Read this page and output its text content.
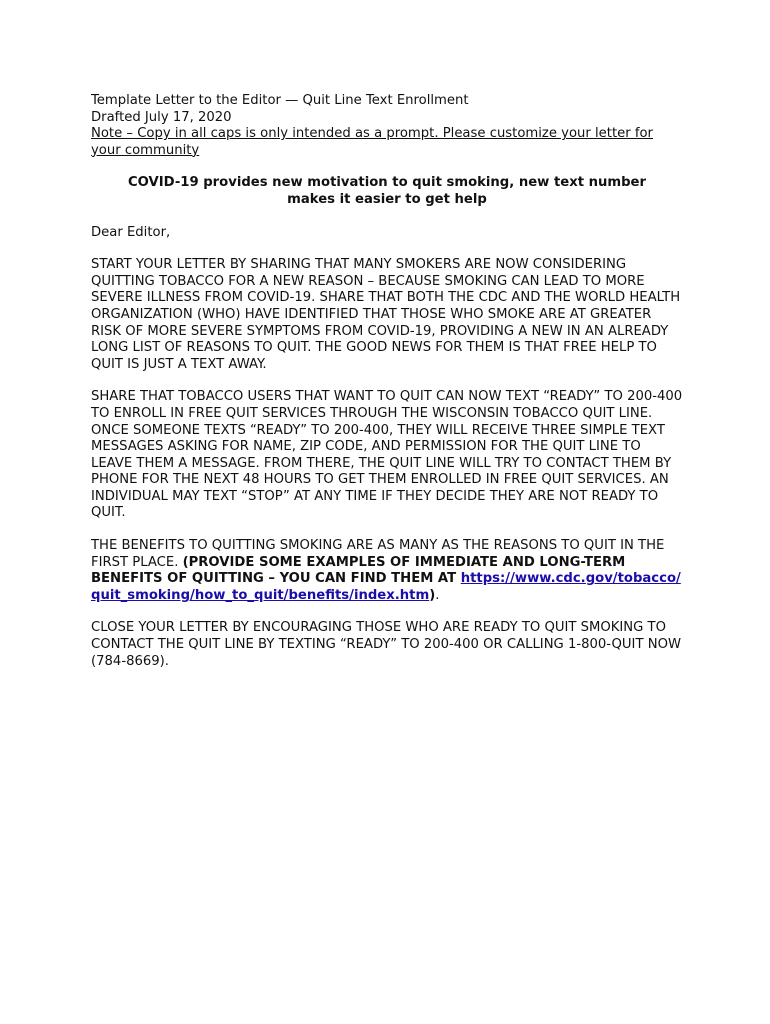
Template Letter to the Editor — Quit Line Text Enrollment
Drafted July 17, 2020
Note – Copy in all caps is only intended as a prompt. Please customize your letter for your community
COVID-19 provides new motivation to quit smoking, new text number makes it easier to get help
Dear Editor,
START YOUR LETTER BY SHARING THAT MANY SMOKERS ARE NOW CONSIDERING QUITTING TOBACCO FOR A NEW REASON – BECAUSE SMOKING CAN LEAD TO MORE SEVERE ILLNESS FROM COVID-19. SHARE THAT BOTH THE CDC AND THE WORLD HEALTH ORGANIZATION (WHO) HAVE IDENTIFIED THAT THOSE WHO SMOKE ARE AT GREATER RISK OF MORE SEVERE SYMPTOMS FROM COVID-19, PROVIDING A NEW IN AN ALREADY LONG LIST OF REASONS TO QUIT. THE GOOD NEWS FOR THEM IS THAT FREE HELP TO QUIT IS JUST A TEXT AWAY.
SHARE THAT TOBACCO USERS THAT WANT TO QUIT CAN NOW TEXT “READY” TO 200-400 TO ENROLL IN FREE QUIT SERVICES THROUGH THE WISCONSIN TOBACCO QUIT LINE. ONCE SOMEONE TEXTS “READY” TO 200-400, THEY WILL RECEIVE THREE SIMPLE TEXT MESSAGES ASKING FOR NAME, ZIP CODE, AND PERMISSION FOR THE QUIT LINE TO LEAVE THEM A MESSAGE. FROM THERE, THE QUIT LINE WILL TRY TO CONTACT THEM BY PHONE FOR THE NEXT 48 HOURS TO GET THEM ENROLLED IN FREE QUIT SERVICES. AN INDIVIDUAL MAY TEXT “STOP” AT ANY TIME IF THEY DECIDE THEY ARE NOT READY TO QUIT.
THE BENEFITS TO QUITTING SMOKING ARE AS MANY AS THE REASONS TO QUIT IN THE FIRST PLACE. (PROVIDE SOME EXAMPLES OF IMMEDIATE AND LONG-TERM BENEFITS OF QUITTING – YOU CAN FIND THEM AT https://www.cdc.gov/tobacco/quit_smoking/how_to_quit/benefits/index.htm).
CLOSE YOUR LETTER BY ENCOURAGING THOSE WHO ARE READY TO QUIT SMOKING TO CONTACT THE QUIT LINE BY TEXTING “READY” TO 200-400 OR CALLING 1-800-QUIT NOW (784-8669).
